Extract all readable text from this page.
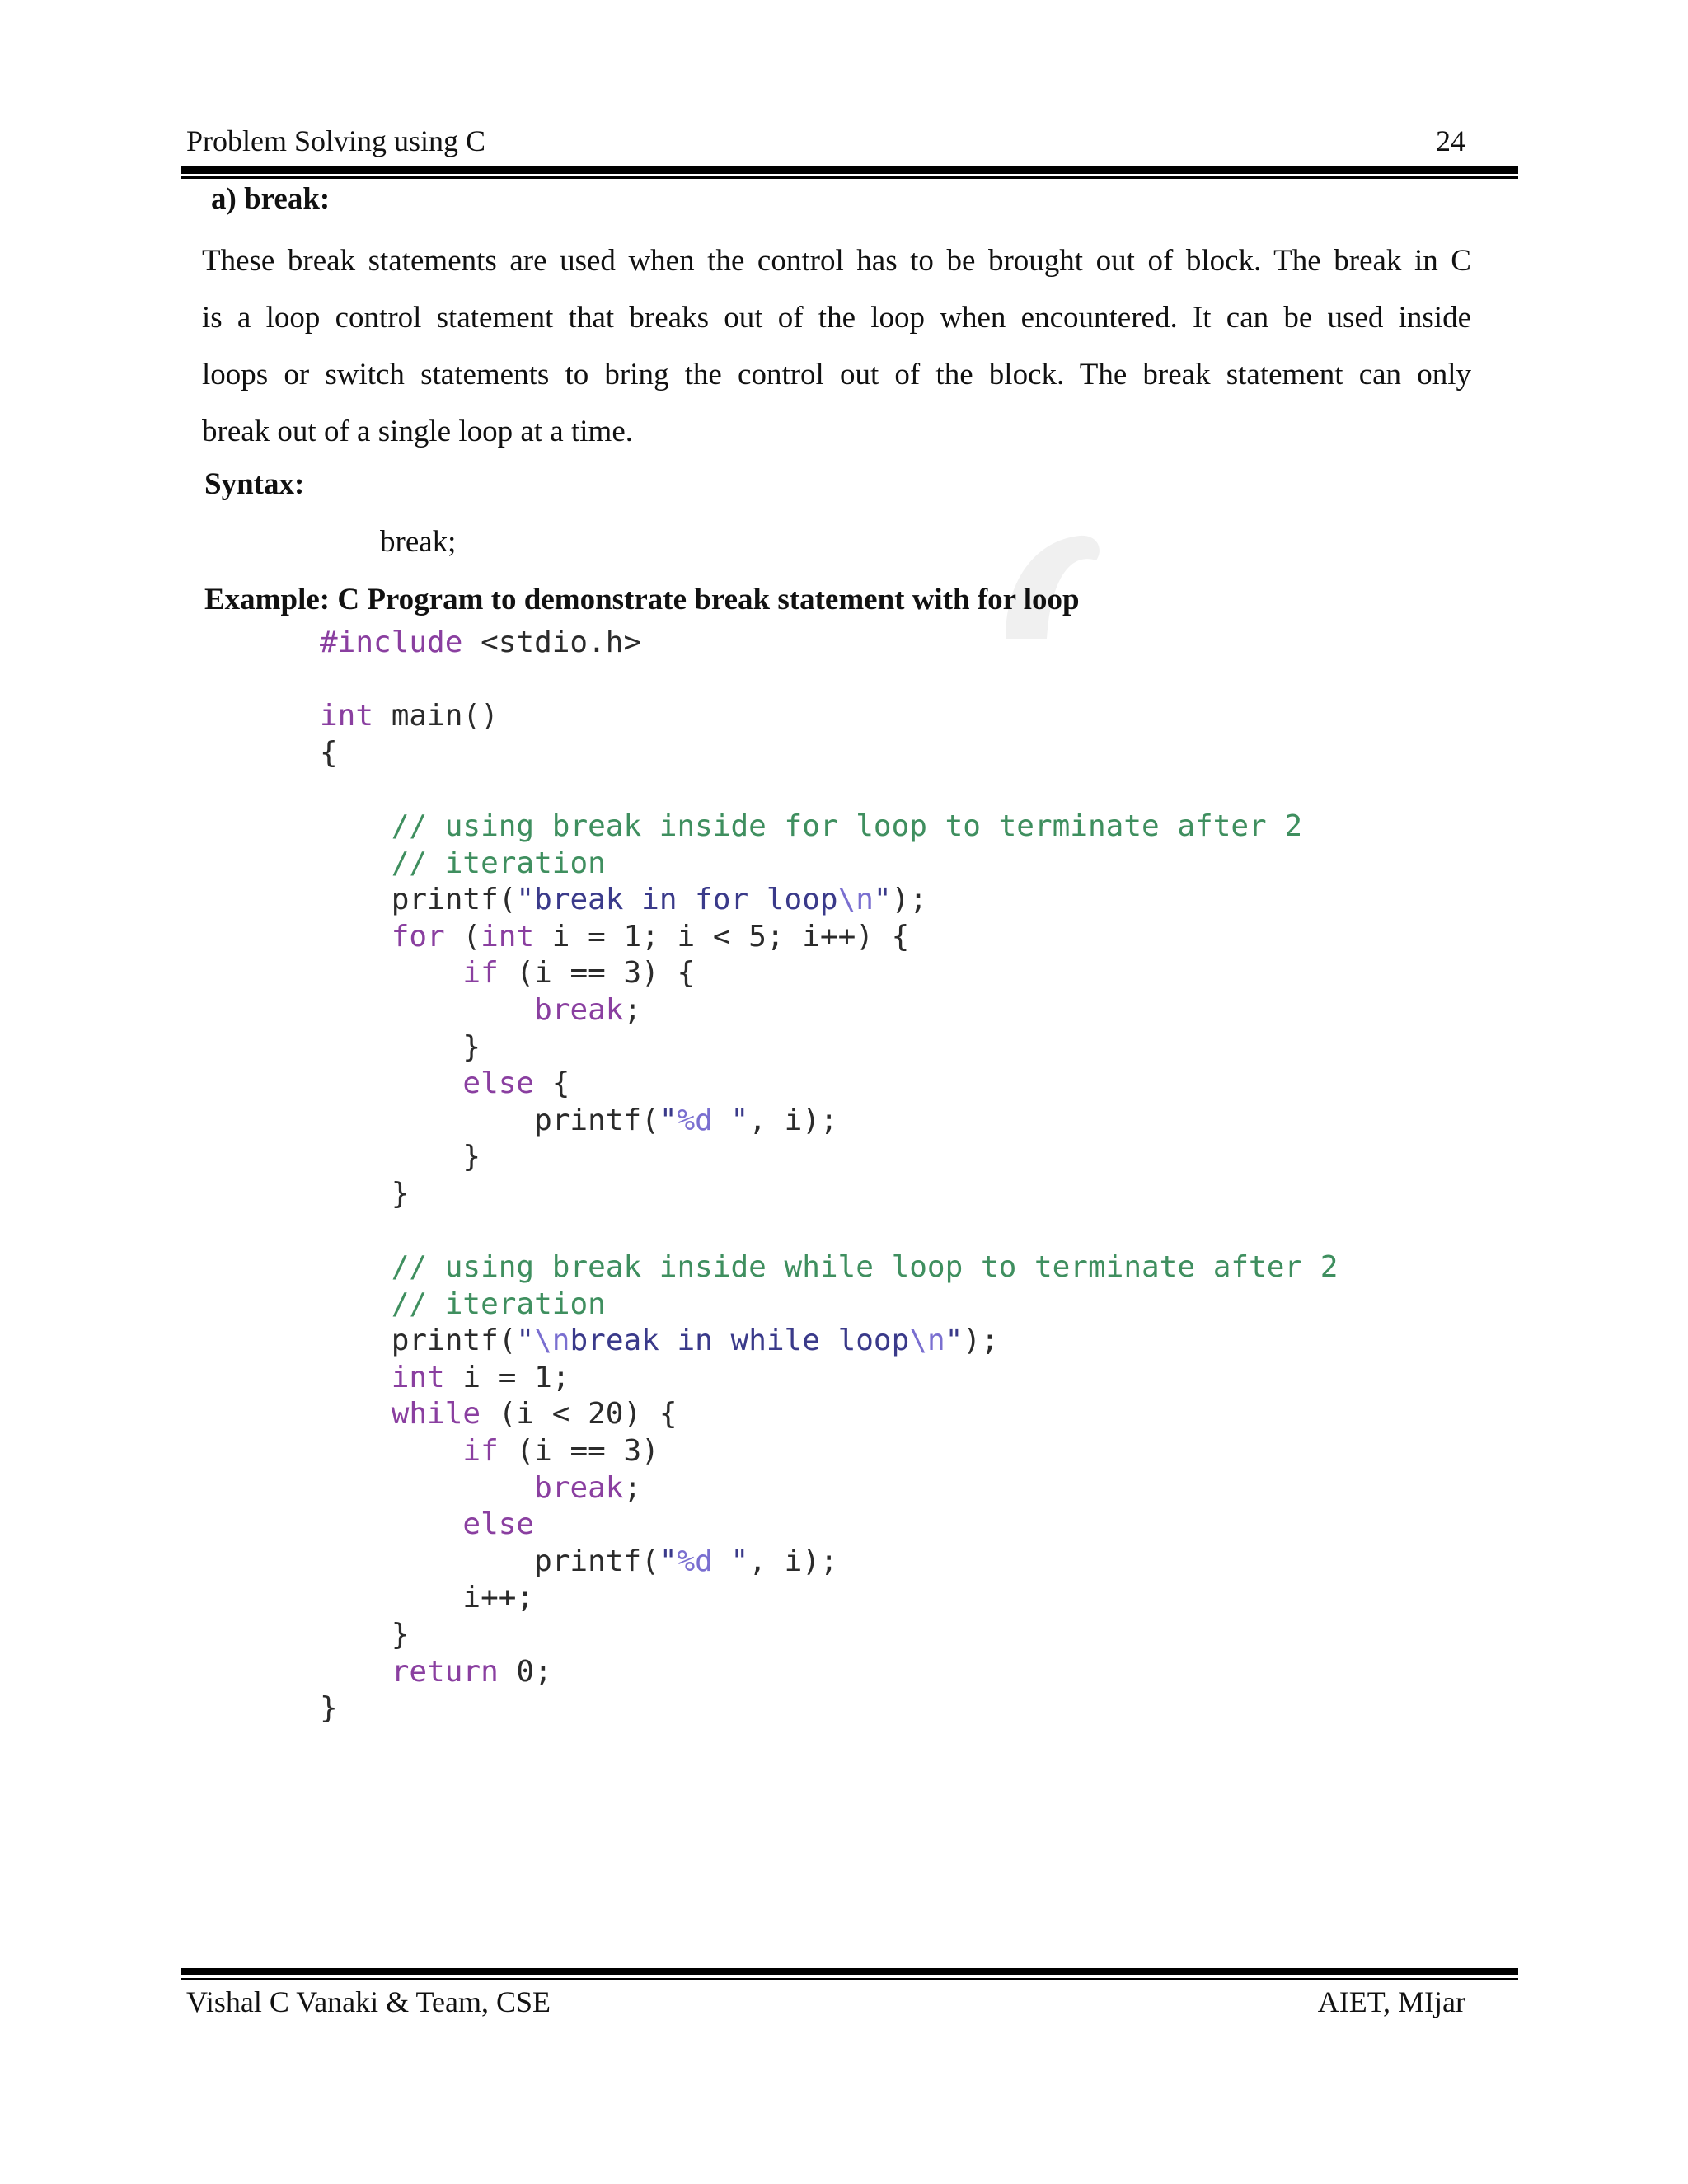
Problem Solving using C	24
a) break:
These break statements are used when the control has to be brought out of block. The break in C
is a loop control statement that breaks out of the loop when encountered. It can be used inside
loops or switch statements to bring the control out of the block. The break statement can only
break out of a single loop at a time.
Syntax:
break;
Example: C Program to demonstrate break statement with for loop
#include <stdio.h>
int main()
{
// using break inside for loop to terminate after 2
// iteration
printf("break in for loop\n");
for (int i = 1; i < 5; i++) {
if (i == 3) {
break;
}
else {
printf("%d ", i);
}
}
// using break inside while loop to terminate after 2
// iteration
printf("\nbreak in while loop\n");
int i = 1;
while (i < 20) {
if (i == 3)
break;
else
printf("%d ", i);
i++;
}
return 0;
}
Vishal C Vanaki & Team, CSE	AIET, MIjar
